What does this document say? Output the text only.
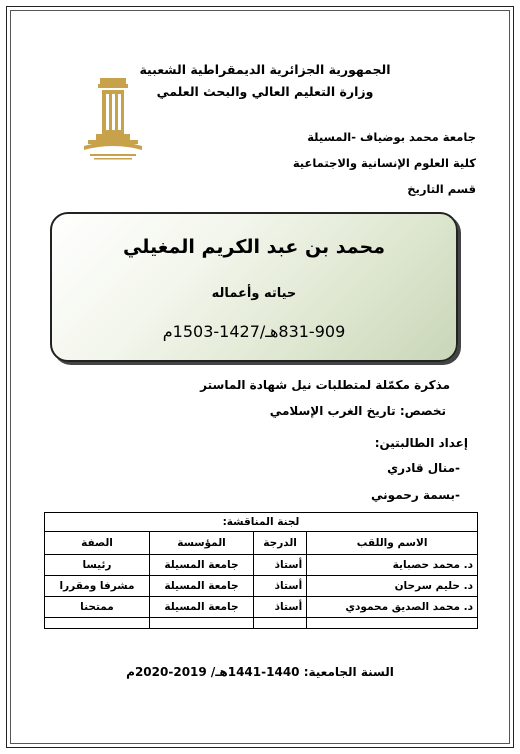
الجمهورية الجزائرية الديمقراطية الشعبية
وزارة التعليم العالي والبحث العلمي
جامعة محمد بوضياف -المسيلة
كلية العلوم الإنسانية والاجتماعية
قسم التاريخ
محمد بن عبد الكريم المغيلي
حياته وأعماله
831-909هـ/1427-1503م
مذكرة مكمّلة لمتطلبات نيل شهادة الماستر
تخصص: تاريخ الغرب الإسلامي
إعداد الطالبتين:
-منال قادري
-بسمة رحموني
لجنة المناقشة:			
الاسم واللقب	الدرجة	المؤسسة	الصفة
د. محمد حصباية	أستاذ	جامعة المسيلة	رئيسا
د. حليم سرحان	أستاذ	جامعة المسيلة	مشرفا ومقررا
د. محمد الصديق محمودي	أستاذ	جامعة المسيلة	ممتحنا

السنة الجامعية: 1440-1441هـ/ 2019-2020م
